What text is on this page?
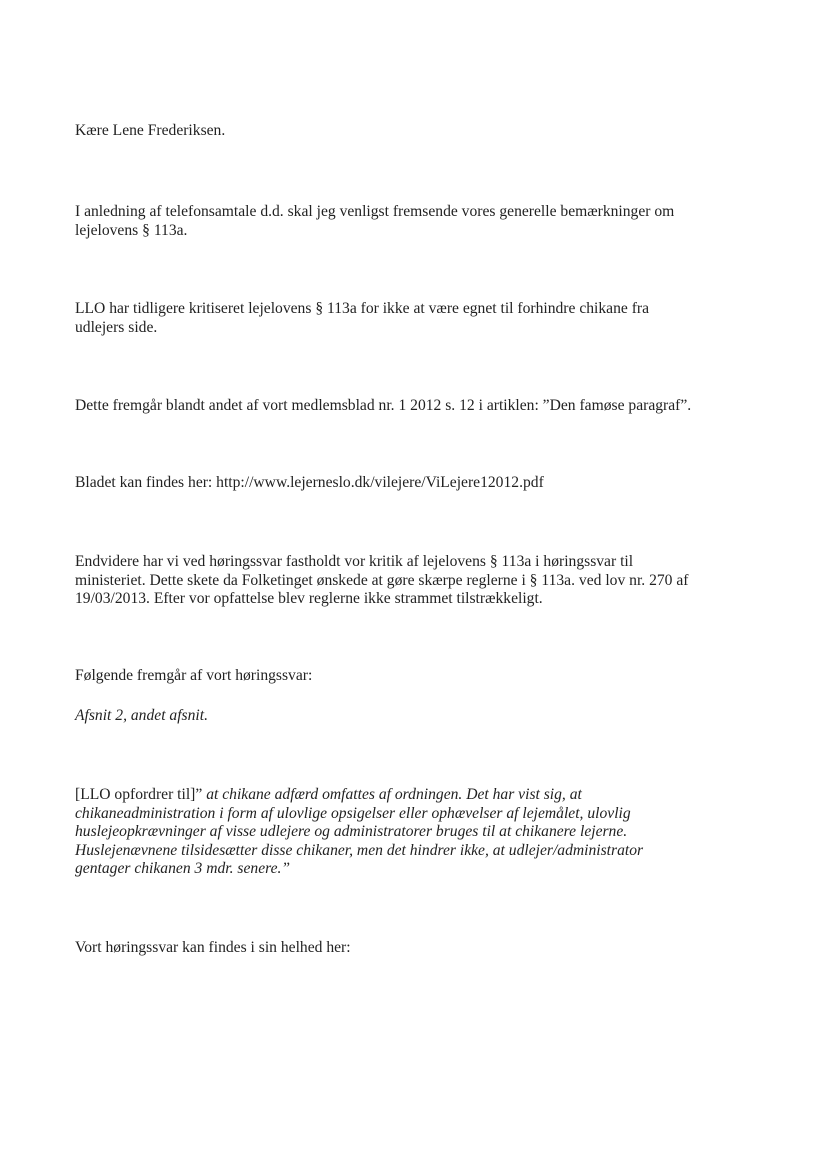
Kære Lene Frederiksen.

I anledning af telefonsamtale d.d. skal jeg venligst fremsende vores generelle bemærkninger om
lejelovens § 113a.

LLO har tidligere kritiseret lejelovens § 113a for ikke at være egnet til forhindre chikane fra
udlejers side.

Dette fremgår blandt andet af vort medlemsblad nr. 1 2012 s. 12 i artiklen: ”Den famøse paragraf”.

Bladet kan findes her: http://www.lejerneslo.dk/vilejere/ViLejere12012.pdf

Endvidere har vi ved høringssvar fastholdt vor kritik af lejelovens § 113a i høringssvar til
ministeriet. Dette skete da Folketinget ønskede at gøre skærpe reglerne i § 113a. ved lov nr. 270 af
19/03/2013. Efter vor opfattelse blev reglerne ikke strammet tilstrækkeligt.

Følgende fremgår af vort høringssvar:

Afsnit 2, andet afsnit.

[LLO opfordrer til]” at chikane adfærd omfattes af ordningen. Det har vist sig, at
chikaneadministration i form af ulovlige opsigelser eller ophævelser af lejemålet, ulovlig
huslejeopkrævninger af visse udlejere og administratorer bruges til at chikanere lejerne.
Huslejenævnene tilsidesætter disse chikaner, men det hindrer ikke, at udlejer/administrator
gentager chikanen 3 mdr. senere.”

Vort høringssvar kan findes i sin helhed her:
